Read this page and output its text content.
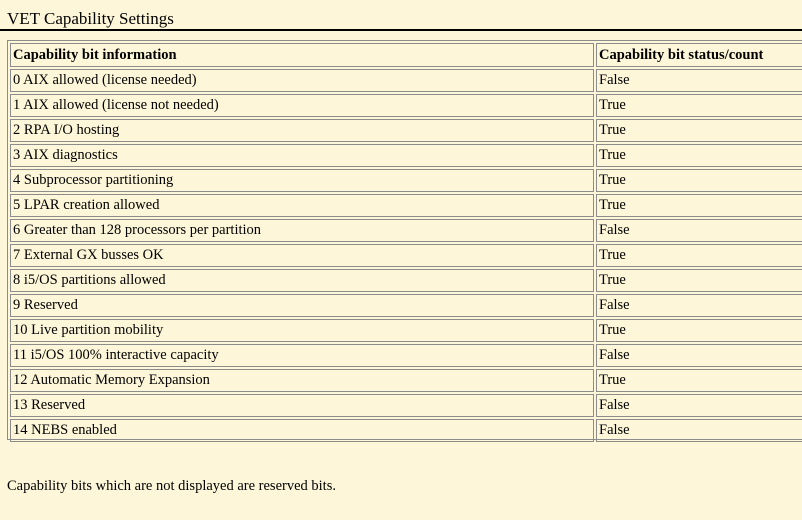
VET Capability Settings
Capability bit information	Capability bit status/count
0 AIX allowed (license needed)	False
1 AIX allowed (license not needed)	True
2 RPA I/O hosting	True
3 AIX diagnostics	True
4 Subprocessor partitioning	True
5 LPAR creation allowed	True
6 Greater than 128 processors per partition	False
7 External GX busses OK	True
8 i5/OS partitions allowed	True
9 Reserved	False
10 Live partition mobility	True
11 i5/OS 100% interactive capacity	False
12 Automatic Memory Expansion	True
13 Reserved	False
14 NEBS enabled	False
Capability bits which are not displayed are reserved bits.
